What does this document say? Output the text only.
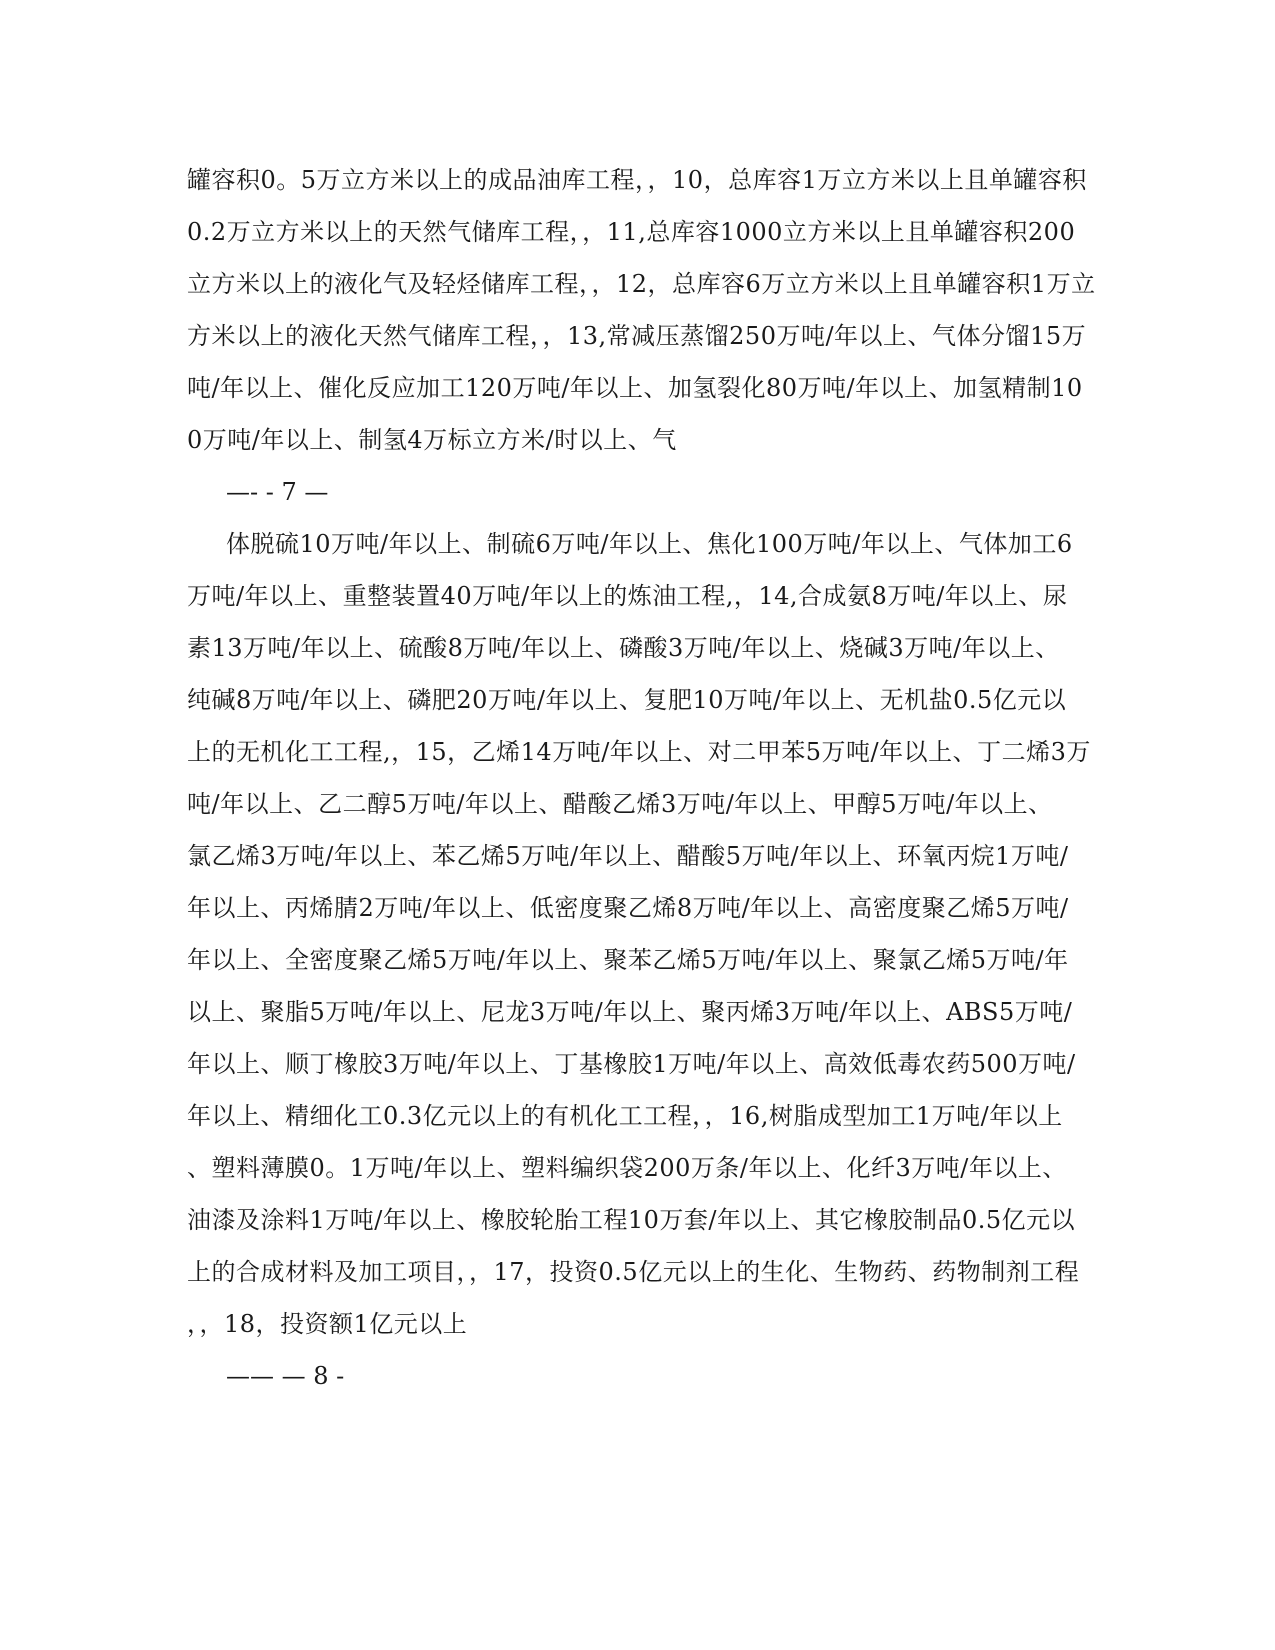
罐容积0。5万立方米以上的成品油库工程，，10，总库容1万立方米以上且单罐容积
0.2万立方米以上的天然气储库工程，，11,总库容1000立方米以上且单罐容积200
立方米以上的液化气及轻烃储库工程，，12，总库容6万立方米以上且单罐容积1万立
方米以上的液化天然气储库工程，，13,常减压蒸馏250万吨/年以上、气体分馏15万
吨/年以上、催化反应加工120万吨/年以上、加氢裂化80万吨/年以上、加氢精制10
0万吨/年以上、制氢4万标立方米/时以上、气
—- - 7 —
体脱硫10万吨/年以上、制硫6万吨/年以上、焦化100万吨/年以上、气体加工6
万吨/年以上、重整装置40万吨/年以上的炼油工程,，14,合成氨8万吨/年以上、尿
素13万吨/年以上、硫酸8万吨/年以上、磷酸3万吨/年以上、烧碱3万吨/年以上、
纯碱8万吨/年以上、磷肥20万吨/年以上、复肥10万吨/年以上、无机盐0.5亿元以
上的无机化工工程,，15，乙烯14万吨/年以上、对二甲苯5万吨/年以上、丁二烯3万
吨/年以上、乙二醇5万吨/年以上、醋酸乙烯3万吨/年以上、甲醇5万吨/年以上、
氯乙烯3万吨/年以上、苯乙烯5万吨/年以上、醋酸5万吨/年以上、环氧丙烷1万吨/
年以上、丙烯腈2万吨/年以上、低密度聚乙烯8万吨/年以上、高密度聚乙烯5万吨/
年以上、全密度聚乙烯5万吨/年以上、聚苯乙烯5万吨/年以上、聚氯乙烯5万吨/年
以上、聚脂5万吨/年以上、尼龙3万吨/年以上、聚丙烯3万吨/年以上、ABS5万吨/
年以上、顺丁橡胶3万吨/年以上、丁基橡胶1万吨/年以上、高效低毒农药500万吨/
年以上、精细化工0.3亿元以上的有机化工工程，，16,树脂成型加工1万吨/年以上
、塑料薄膜0。1万吨/年以上、塑料编织袋200万条/年以上、化纤3万吨/年以上、
油漆及涂料1万吨/年以上、橡胶轮胎工程10万套/年以上、其它橡胶制品0.5亿元以
上的合成材料及加工项目，，17，投资0.5亿元以上的生化、生物药、药物制剂工程
，，18，投资额1亿元以上
—— — 8 -
